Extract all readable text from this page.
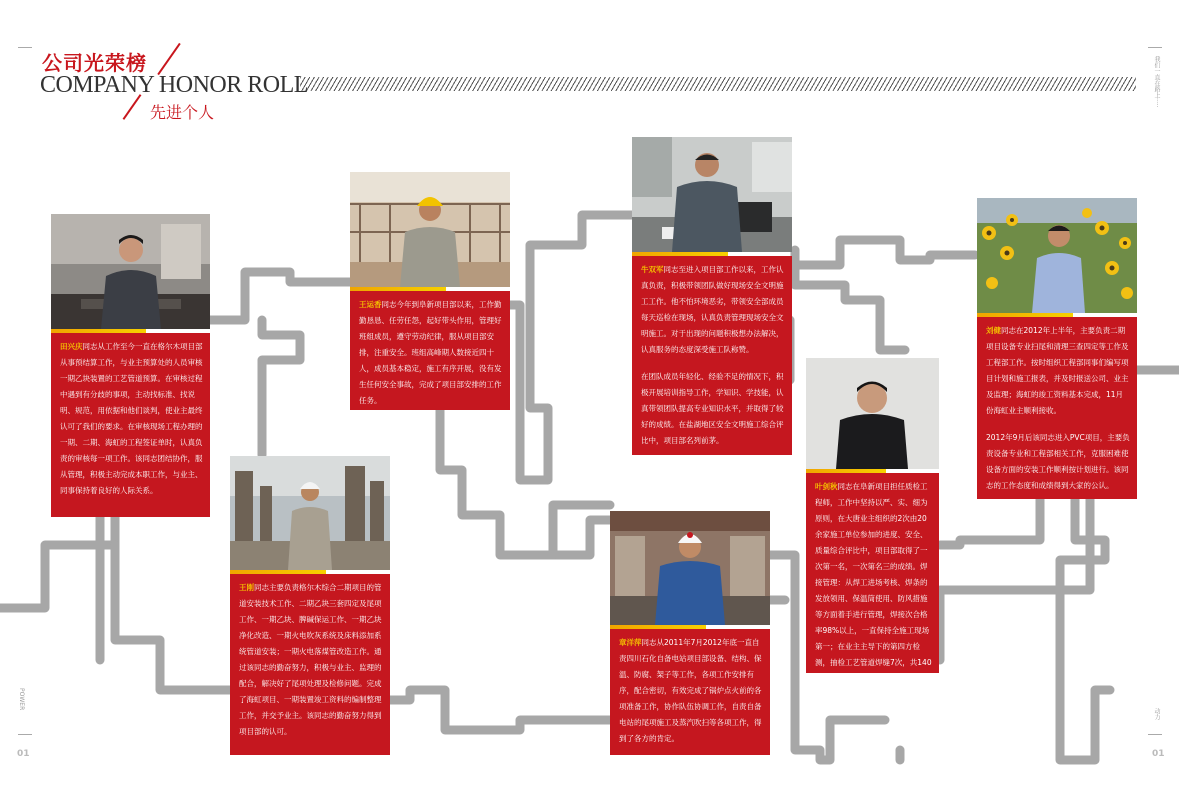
公司光荣榜
COMPANY HONOR ROLL
先进个人
我们一直在路上·····
POWER
动力
01	01
田兴庆同志从工作至今一直在格尔木项目部从事预结算工作，与业主预算处的人员审核一期乙块装置的工艺管道预算。在审核过程中遇到有分歧的事项，主动找标准、找说明、规范，用依据和他们谈判，使业主最终认可了我们的要求。在审核现场工程办理的一期、二期、海虹的工程签证单时，认真负责的审核每一项工作。该同志团结协作，服从管理，积极主动完成本职工作，与业主、同事保持着良好的人际关系。
王运香同志今年到阜新项目部以来，工作勤勤恳恳、任劳任怨，起好带头作用，管理好班组成员，遵守劳动纪律，服从项目部安排，注重安全。班组高峰期人数接近四十人，成员基本稳定，施工有序开展，没有发生任何安全事故，完成了项目部安排的工作任务。
牛双军同志至进入项目部工作以来，工作认真负责，积极带领团队做好现场安全文明施工工作。他不怕环境恶劣，带领安全部成员每天巡检在现场，认真负责管理现场安全文明施工。对于出现的问题积极想办法解决，认真服务的态度深受施工队称赞。
在团队成员年轻化、经验不足的情况下，积极开展培训指导工作，学知识、学技能，认真带领团队提高专业知识水平，并取得了较好的成绩。在盐湖地区安全文明施工综合评比中，项目部名列前茅。
刘健同志在2012年上半年，主要负责二期项目设备专业扫尾和清理三查四定等工作及工程部工作。按时组织工程部同事们编写项目计划和施工报表，并及时报送公司、业主及监理；海虹的竣工资料基本完成，11月份海虹业主顺利接收。
2012年9月后该同志进入PVC项目，主要负责设备专业和工程部相关工作，克服困难使设备方面的安装工作顺利按计划进行。该同志的工作态度和成绩得到大家的公认。
王刚同志主要负责格尔木综合二期项目的管道安装技术工作、二期乙块三套四定及尾项工作、一期乙块、脾碱保运工作、一期乙块净化改造、一期火电吹灰系统及床料添加系统管道安装；一期火电落煤管改造工作。通过该同志的勤奋努力，积极与业主、监理的配合，解决好了尾项处理及检修问题。完成了海虹项目、一期装置竣工资料的编制整理工作，并交予业主。该同志的勤奋努力得到项目部的认可。
章洋萍同志从2011年7月2012年底一直自责四川石化自备电站项目部设备、结构、保温、防腐、架子等工作，各项工作安排有序，配合密切，有效完成了锅炉点火前的各项准备工作，协作队伍协调工作，自责自备电站的尾项施工及蒸汽吹扫等各项工作，得到了各方的肯定。
叶剑秋同志在阜新项目担任质检工程师，工作中坚持以严、实、细为原则，在大唐业主组织的2次由20余家施工单位参加的进度、安全、质量综合评比中，项目部取得了一次第一名，一次第名三的成绩。焊接管理：从焊工进场考核、焊条的发放领用、保温筒使用、防风措施等方面着手进行管理，焊接次合格率98%以上，一直保持全施工现场第一；在业主主导下的第四方检测，抽检工艺管道焊缝7次，共140张RT照片，合格率100%，在大唐质量部组织的评比中均获得了高度评价。
